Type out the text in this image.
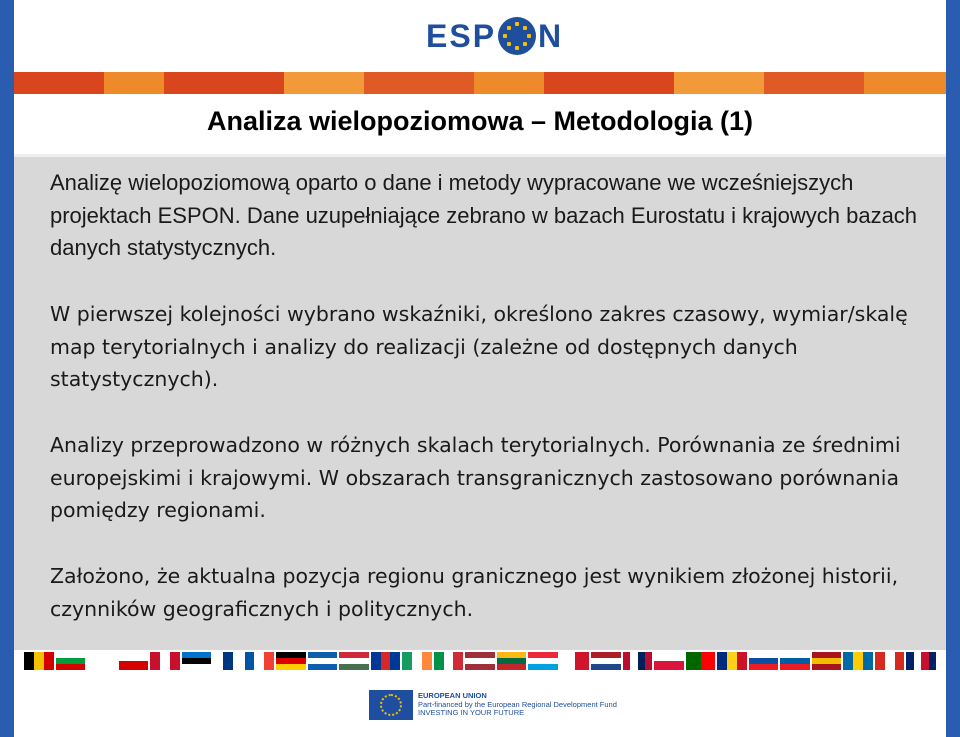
ESP N
Analiza wielopoziomowa – Metodologia (1)

Analizę wielopoziomową oparto o dane i metody wypracowane we wcześniejszych projektach ESPON. Dane uzupełniające zebrano w bazach Eurostatu i krajowych bazach danych statystycznych.

W pierwszej kolejności wybrano wskaźniki, określono zakres czasowy, wymiar/skalę map terytorialnych i analizy do realizacji (zależne od dostępnych danych statystycznych).

Analizy przeprowadzono w różnych skalach terytorialnych. Porównania ze średnimi europejskimi i krajowymi. W obszarach transgranicznych zastosowano porównania pomiędzy regionami.

Założono, że aktualna pozycja regionu granicznego jest wynikiem złożonej historii, czynników geograficznych i politycznych.

EUROPEAN UNION
Part-financed by the European Regional Development Fund
INVESTING IN YOUR FUTURE
